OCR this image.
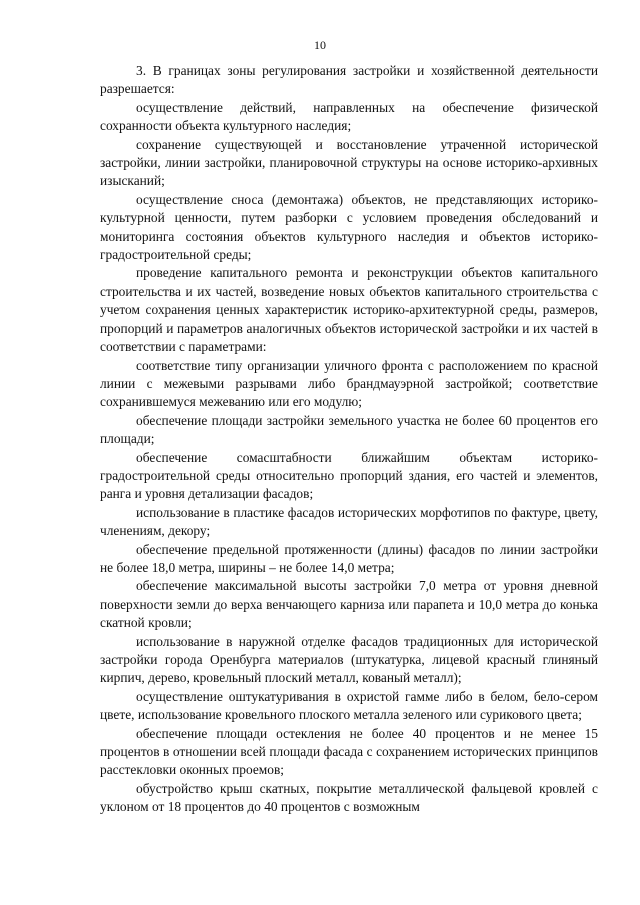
10

3. В границах зоны регулирования застройки и хозяйственной деятельности разрешается:

осуществление действий, направленных на обеспечение физической сохранности объекта культурного наследия;

сохранение существующей и восстановление утраченной исторической застройки, линии застройки, планировочной структуры на основе историко-архивных изысканий;

осуществление сноса (демонтажа) объектов, не представляющих историко-культурной ценности, путем разборки с условием проведения обследований и мониторинга состояния объектов культурного наследия и объектов историко-градостроительной среды;

проведение капитального ремонта и реконструкции объектов капитального строительства и их частей, возведение новых объектов капитального строительства с учетом сохранения ценных характеристик историко-архитектурной среды, размеров, пропорций и параметров аналогичных объектов исторической застройки и их частей в соответствии с параметрами:

соответствие типу организации уличного фронта с расположением по красной линии с межевыми разрывами либо брандмауэрной застройкой; соответствие сохранившемуся межеванию или его модулю;

обеспечение площади застройки земельного участка не более 60 процентов его площади;

обеспечение сомасштабности ближайшим объектам историко-градостроительной среды относительно пропорций здания, его частей и элементов, ранга и уровня детализации фасадов;

использование в пластике фасадов исторических морфотипов по фактуре, цвету, членениям, декору;

обеспечение предельной протяженности (длины) фасадов по линии застройки не более 18,0 метра, ширины – не более 14,0 метра;

обеспечение максимальной высоты застройки 7,0 метра от уровня дневной поверхности земли до верха венчающего карниза или парапета и 10,0 метра до конька скатной кровли;

использование в наружной отделке фасадов традиционных для исторической застройки города Оренбурга материалов (штукатурка, лицевой красный глиняный кирпич, дерево, кровельный плоский металл, кованый металл);

осуществление оштукатуривания в охристой гамме либо в белом, бело-сером цвете, использование кровельного плоского металла зеленого или сурикового цвета;

обеспечение площади остекления не более 40 процентов и не менее 15 процентов в отношении всей площади фасада с сохранением исторических принципов расстекловки оконных проемов;

обустройство крыш скатных, покрытие металлической фальцевой кровлей с уклоном от 18 процентов до 40 процентов с возможным
